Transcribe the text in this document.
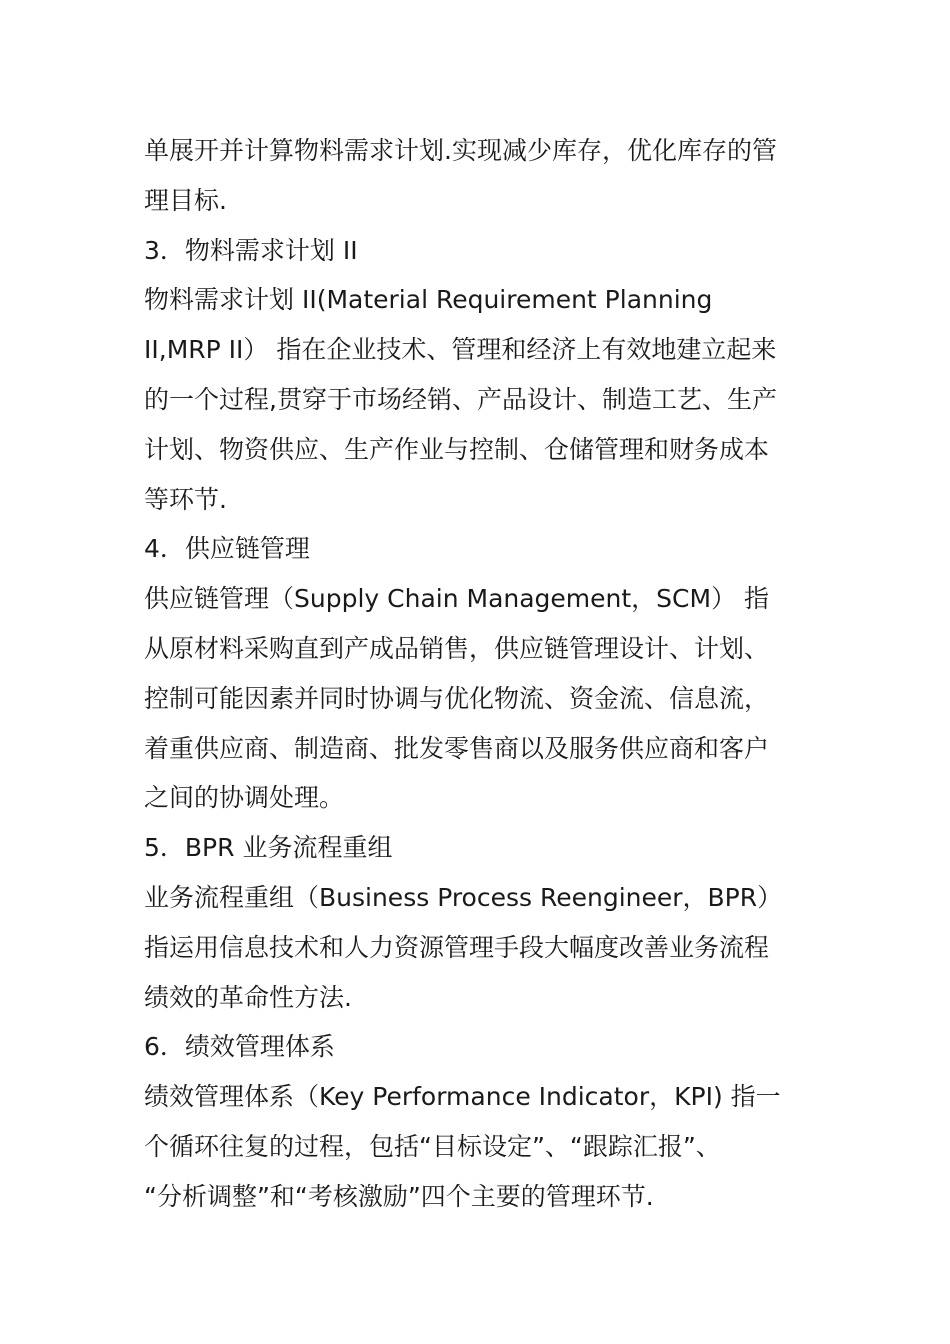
单展开并计算物料需求计划.实现减少库存，优化库存的管
理目标.
3．物料需求计划 II
物料需求计划 II(Material Requirement Planning
II,MRP II） 指在企业技术、管理和经济上有效地建立起来
的一个过程,贯穿于市场经销、产品设计、制造工艺、生产
计划、物资供应、生产作业与控制、仓储管理和财务成本
等环节.
4．供应链管理
供应链管理（Supply Chain Management，SCM） 指
从原材料采购直到产成品销售，供应链管理设计、计划、
控制可能因素并同时协调与优化物流、资金流、信息流，
着重供应商、制造商、批发零售商以及服务供应商和客户
之间的协调处理。
5．BPR 业务流程重组
业务流程重组（Business Process Reengineer，BPR）
指运用信息技术和人力资源管理手段大幅度改善业务流程
绩效的革命性方法.
6．绩效管理体系
绩效管理体系（Key Performance Indicator，KPI) 指一
个循环往复的过程，包括“目标设定”、“跟踪汇报”、
“分析调整”和“考核激励”四个主要的管理环节.
